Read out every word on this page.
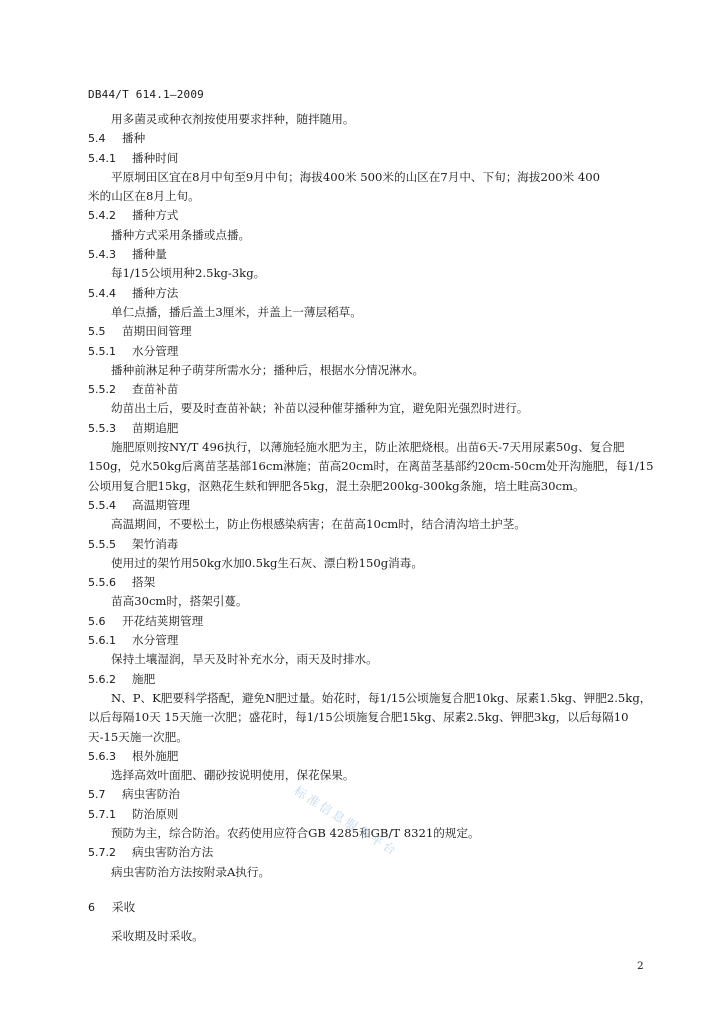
DB44/T 614.1—2009
用多菌灵或种衣剂按使用要求拌种，随拌随用。
5.4 播种
5.4.1 播种时间
平原垌田区宜在8月中旬至9月中旬；海拔400米 500米的山区在7月中、下旬；海拔200米 400
米的山区在8月上旬。
5.4.2 播种方式
播种方式采用条播或点播。
5.4.3 播种量
每1/15公顷用种2.5kg-3kg。
5.4.4 播种方法
单仁点播，播后盖土3厘米，并盖上一薄层稻草。
5.5 苗期田间管理
5.5.1 水分管理
播种前淋足种子萌芽所需水分；播种后，根据水分情况淋水。
5.5.2 查苗补苗
幼苗出土后，要及时查苗补缺；补苗以浸种催芽播种为宜，避免阳光强烈时进行。
5.5.3 苗期追肥
施肥原则按NY/T 496执行，以薄施轻施水肥为主，防止浓肥烧根。出苗6天-7天用尿素50g、复合肥
150g，兑水50kg后离苗茎基部16cm淋施；苗高20cm时，在离苗茎基部约20cm-50cm处开沟施肥，每1/15
公顷用复合肥15kg，沤熟花生麸和钾肥各5kg，混土杂肥200kg-300kg条施，培土畦高30cm。
5.5.4 高温期管理
高温期间，不要松土，防止伤根感染病害；在苗高10cm时，结合清沟培土护茎。
5.5.5 架竹消毒
使用过的架竹用50kg水加0.5kg生石灰、漂白粉150g消毒。
5.5.6 搭架
苗高30cm时，搭架引蔓。
5.6 开花结荚期管理
5.6.1 水分管理
保持土壤湿润，旱天及时补充水分，雨天及时排水。
5.6.2 施肥
N、P、K肥要科学搭配，避免N肥过量。始花时，每1/15公顷施复合肥10kg、尿素1.5kg、钾肥2.5kg，
以后每隔10天 15天施一次肥；盛花时，每1/15公顷施复合肥15kg、尿素2.5kg、钾肥3kg，以后每隔10
天-15天施一次肥。
5.6.3 根外施肥
选择高效叶面肥、硼砂按说明使用，保花保果。
5.7 病虫害防治
5.7.1 防治原则
预防为主，综合防治。农药使用应符合GB 4285和GB/T 8321的规定。
5.7.2 病虫害防治方法
病虫害防治方法按附录A执行。
6 采收
采收期及时采收。
标准信息服务平台
2
